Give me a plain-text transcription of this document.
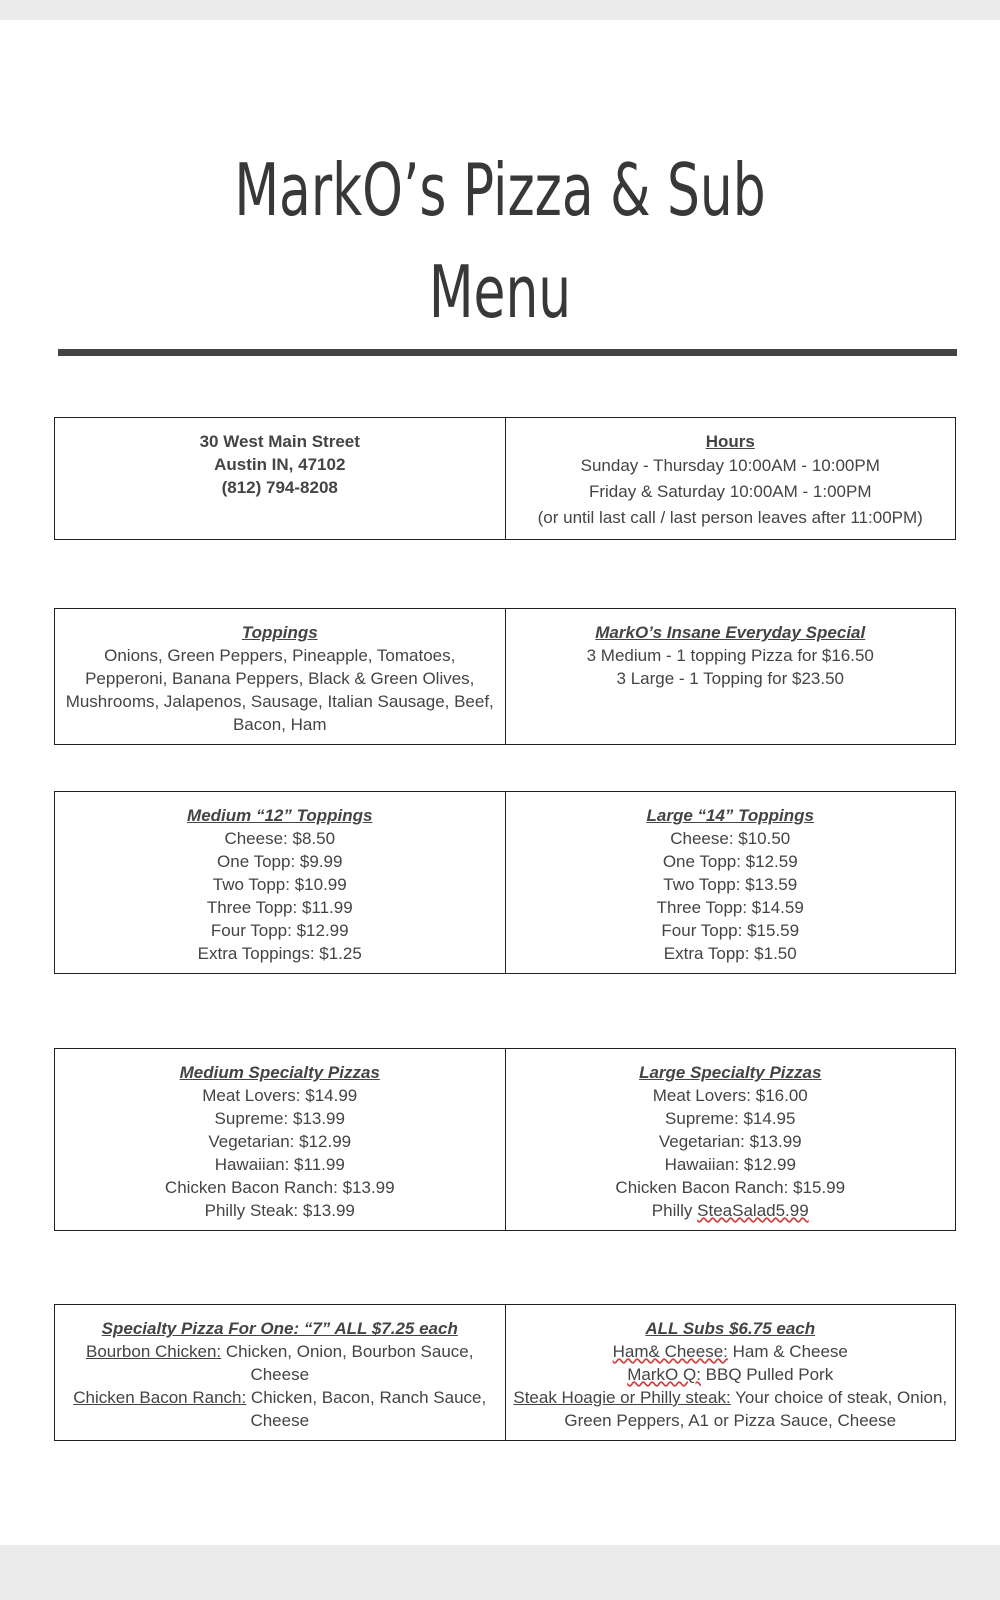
MarkO’s Pizza & Sub
Menu
30 West Main Street
Austin IN, 47102
(812) 794-8208

Hours
Sunday - Thursday 10:00AM - 10:00PM
Friday & Saturday 10:00AM - 1:00PM
(or until last call / last person leaves after 11:00PM)
Toppings
Onions, Green Peppers, Pineapple, Tomatoes, Pepperoni, Banana Peppers, Black & Green Olives, Mushrooms, Jalapenos, Sausage, Italian Sausage, Beef, Bacon, Ham

MarkO’s Insane Everyday Special
3 Medium - 1 topping Pizza for $16.50
3 Large - 1 Topping for $23.50
Medium “12” Toppings
Cheese: $8.50
One Topp: $9.99
Two Topp: $10.99
Three Topp: $11.99
Four Topp: $12.99
Extra Toppings: $1.25

Large “14” Toppings
Cheese: $10.50
One Topp: $12.59
Two Topp: $13.59
Three Topp: $14.59
Four Topp: $15.59
Extra Topp: $1.50
Medium Specialty Pizzas
Meat Lovers: $14.99
Supreme: $13.99
Vegetarian: $12.99
Hawaiian: $11.99
Chicken Bacon Ranch: $13.99
Philly Steak: $13.99

Large Specialty Pizzas
Meat Lovers: $16.00
Supreme: $14.95
Vegetarian: $13.99
Hawaiian: $12.99
Chicken Bacon Ranch: $15.99
Philly SteaSalad5.99
Specialty Pizza For One: “7” ALL $7.25 each
Bourbon Chicken: Chicken, Onion, Bourbon Sauce, Cheese
Chicken Bacon Ranch: Chicken, Bacon, Ranch Sauce, Cheese

ALL Subs $6.75 each
Ham& Cheese: Ham & Cheese
MarkO Q: BBQ Pulled Pork
Steak Hoagie or Philly steak: Your choice of steak, Onion, Green Peppers, A1 or Pizza Sauce, Cheese
